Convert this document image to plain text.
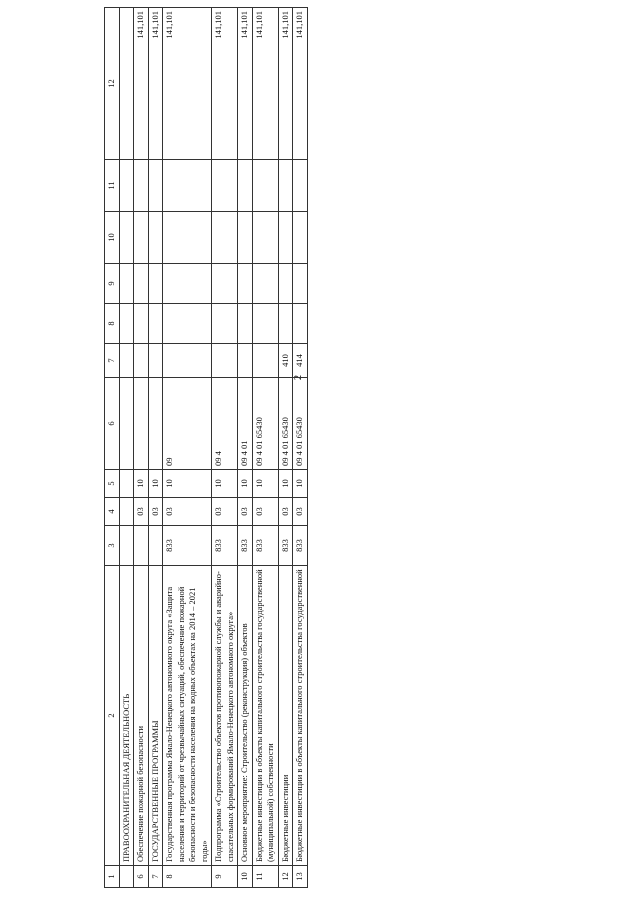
2
1	2	3	4	5	6	7	8	9	10	11	12
	ПРАВООХРАНИТЕЛЬНАЯ ДЕЯТЕЛЬНОСТЬ										
6	Обеспечение пожарной безопасности		03	10							141,101
7	ГОСУДАРСТВЕННЫЕ ПРОГРАММЫ		03	10							141,101
8	Государственная программа Ямало-Ненецкого автономного округа «Защита населения и территорий от чрезвычайных ситуаций, обеспечение пожарной безопасности и безопасности населения на водных объектах на 2014 – 2021 годы»	833	03	10	09						141,101
9	Подпрограмма «Строительство объектов противопожарной службы и аварийно-спасательных формирований Ямало-Ненецкого автономного округа»	833	03	10	09 4						141,101
10	Основное мероприятие: Строительство (реконструкция) объектов	833	03	10	09 4 01						141,101
11	Бюджетные инвестиции в объекты капитального строительства государственной (муниципальной) собственности	833	03	10	09 4 01 65430						141,101
12	Бюджетные инвестиции	833	03	10	09 4 01 65430	410					141,101
13	Бюджетные инвестиции в объекты капитального строительства государственной	833	03	10	09 4 01 65430	414					141,101
